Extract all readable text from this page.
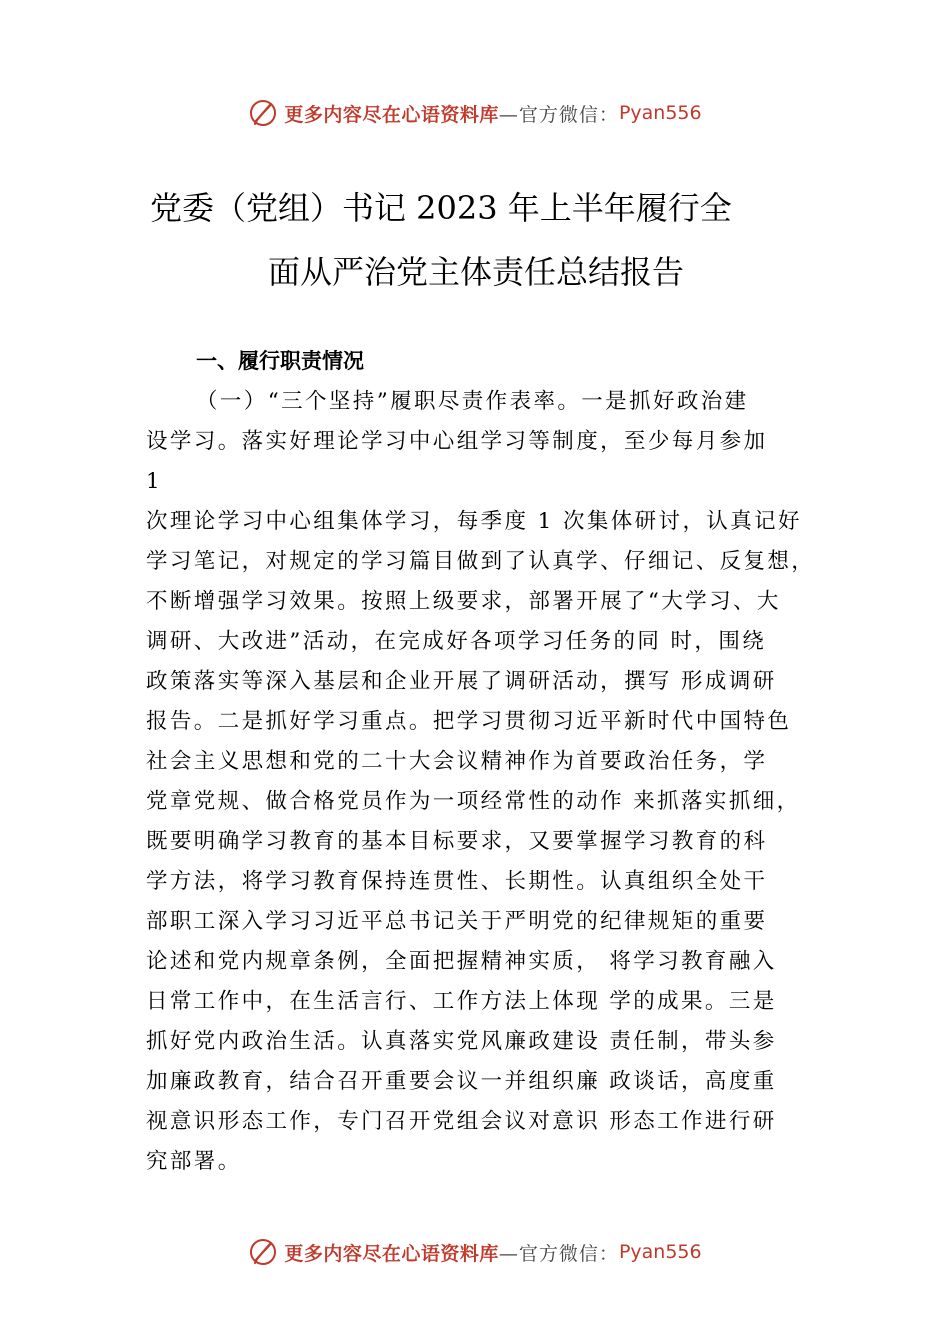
更多内容尽在心语资料库 —官方微信： Pyan556
党委（党组）书记 2023 年上半年履行全
面从严治党主体责任总结报告
一、履行职责情况
（一）“三个坚持”履职尽责作表率。一是抓好政治建
设学习。落实好理论学习中心组学习等制度，至少每月参加
1
次理论学习中心组集体学习，每季度 1 次集体研讨，认真记好
学习笔记，对规定的学习篇目做到了认真学、仔细记、反复想，
不断增强学习效果。按照上级要求，部署开展了“大学习、大
调研、大改进”活动，在完成好各项学习任务的同 时，围绕
政策落实等深入基层和企业开展了调研活动，撰写 形成调研
报告。二是抓好学习重点。把学习贯彻习近平新时代中国特色
社会主义思想和党的二十大会议精神作为首要政治任务，学
党章党规、做合格党员作为一项经常性的动作 来抓落实抓细，
既要明确学习教育的基本目标要求，又要掌握学习教育的科
学方法，将学习教育保持连贯性、长期性。认真组织全处干
部职工深入学习习近平总书记关于严明党的纪律规矩的重要
论述和党内规章条例，全面把握精神实质， 将学习教育融入
日常工作中，在生活言行、工作方法上体现 学的成果。三是
抓好党内政治生活。认真落实党风廉政建设 责任制，带头参
加廉政教育，结合召开重要会议一并组织廉 政谈话，高度重
视意识形态工作，专门召开党组会议对意识 形态工作进行研
究部署。
更多内容尽在心语资料库 —官方微信： Pyan556
